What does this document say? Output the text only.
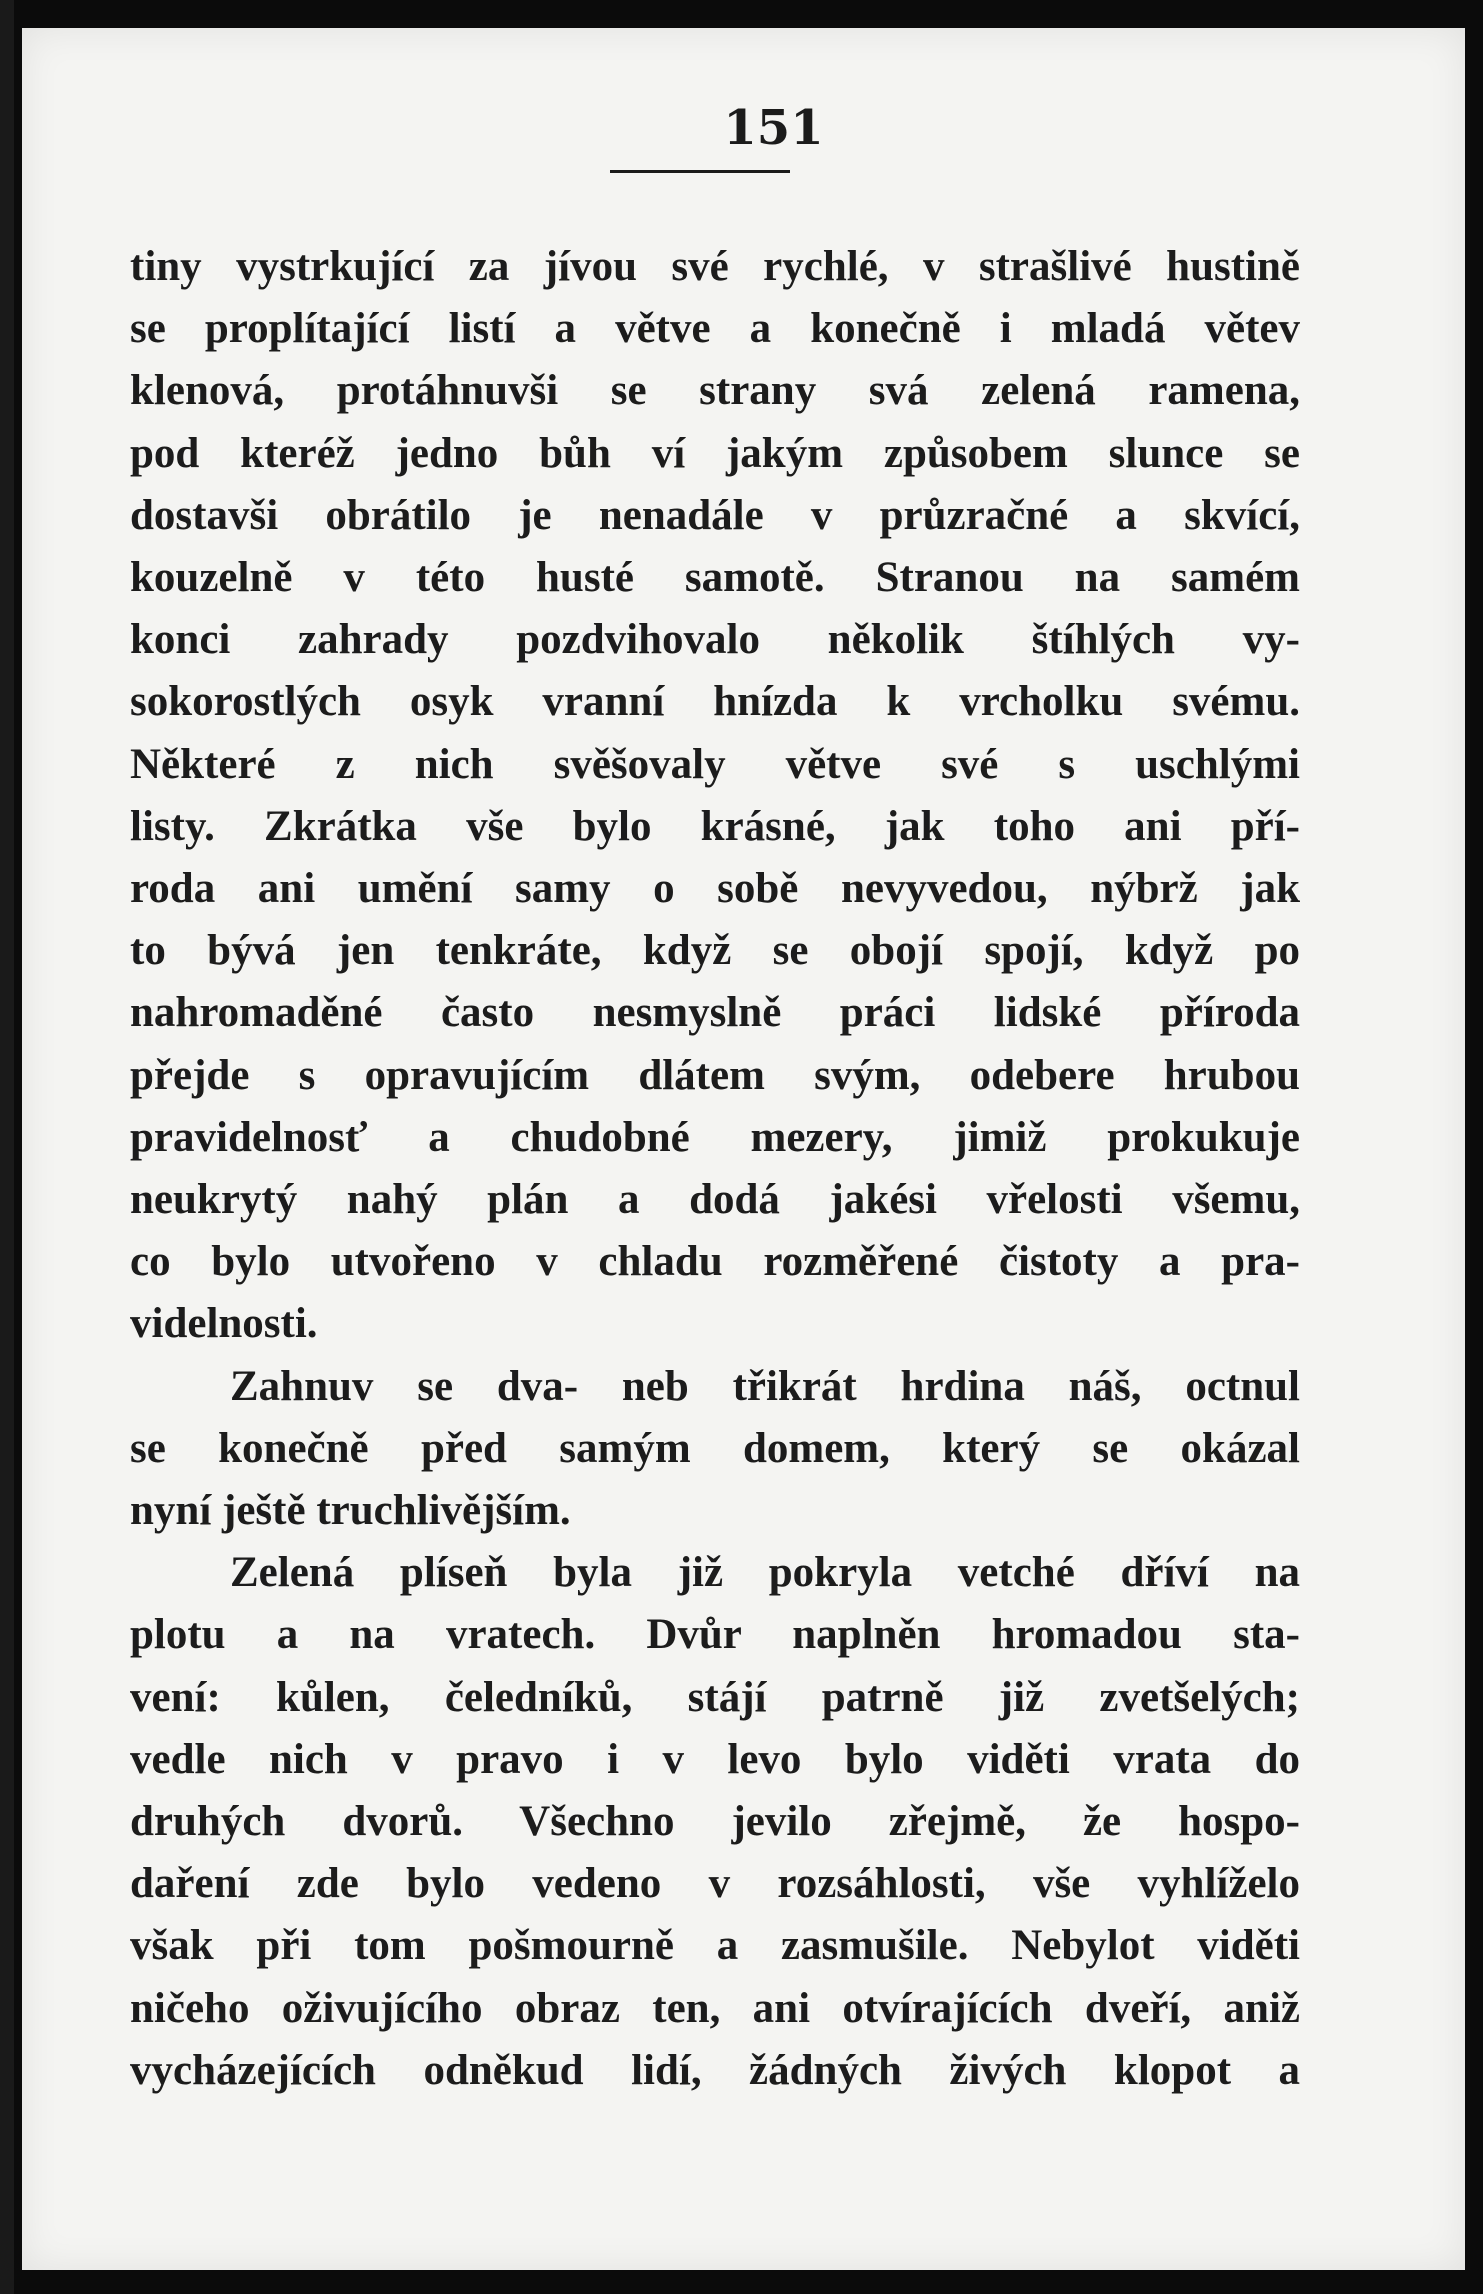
151
tiny vystrkující za jívou své rychlé, v strašlivé hustině
se proplítající listí a větve a konečně i mladá větev
klenová, protáhnuvši se strany svá zelená ramena,
pod kteréž jedno bůh ví jakým způsobem slunce se
dostavši obrátilo je nenadále v průzračné a skvící,
kouzelně v této husté samotě. Stranou na samém
konci zahrady pozdvihovalo několik štíhlých vy-
sokorostlých osyk vranní hnízda k vrcholku svému.
Některé z nich svěšovaly větve své s uschlými
listy. Zkrátka vše bylo krásné, jak toho ani pří-
roda ani umění samy o sobě nevyvedou, nýbrž jak
to bývá jen tenkráte, když se obojí spojí, když po
nahromaděné často nesmyslně práci lidské příroda
přejde s opravujícím dlátem svým, odebere hrubou
pravidelnosť a chudobné mezery, jimiž prokukuje
neukrytý nahý plán a dodá jakési vřelosti všemu,
co bylo utvořeno v chladu rozměřené čistoty a pra-
videlnosti.
Zahnuv se dva- neb třikrát hrdina náš, octnul
se konečně před samým domem, který se okázal
nyní ještě truchlivějším.
Zelená plíseň byla již pokryla vetché dříví na
plotu a na vratech. Dvůr naplněn hromadou sta-
vení: kůlen, čeledníků, stájí patrně již zvetšelých;
vedle nich v pravo i v levo bylo viděti vrata do
druhých dvorů. Všechno jevilo zřejmě, že hospo-
daření zde bylo vedeno v rozsáhlosti, vše vyhlíželo
však při tom pošmourně a zasmušile. Nebylot viděti
ničeho oživujícího obraz ten, ani otvírajících dveří, aniž
vycházejících odněkud lidí, žádných živých klopot a
